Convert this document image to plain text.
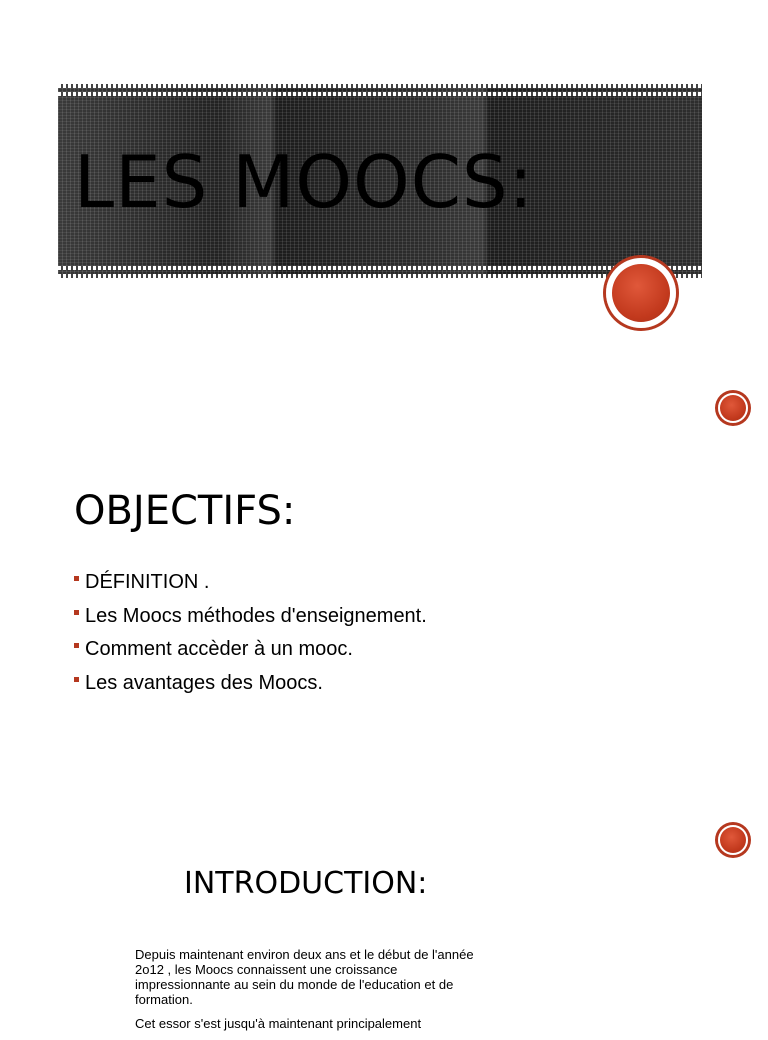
LES MOOCS:
OBJECTIFS:
DÉFINITION .
Les Moocs méthodes d'enseignement.
Comment accèder à un mooc.
Les avantages des Moocs.
INTRODUCTION:

Depuis maintenant environ deux ans et le début de l'année 2o12 , les Moocs connaissent une croissance impressionnante au sein du monde de l'education et de formation.

Cet essor s'est jusqu'à maintenant principalement
